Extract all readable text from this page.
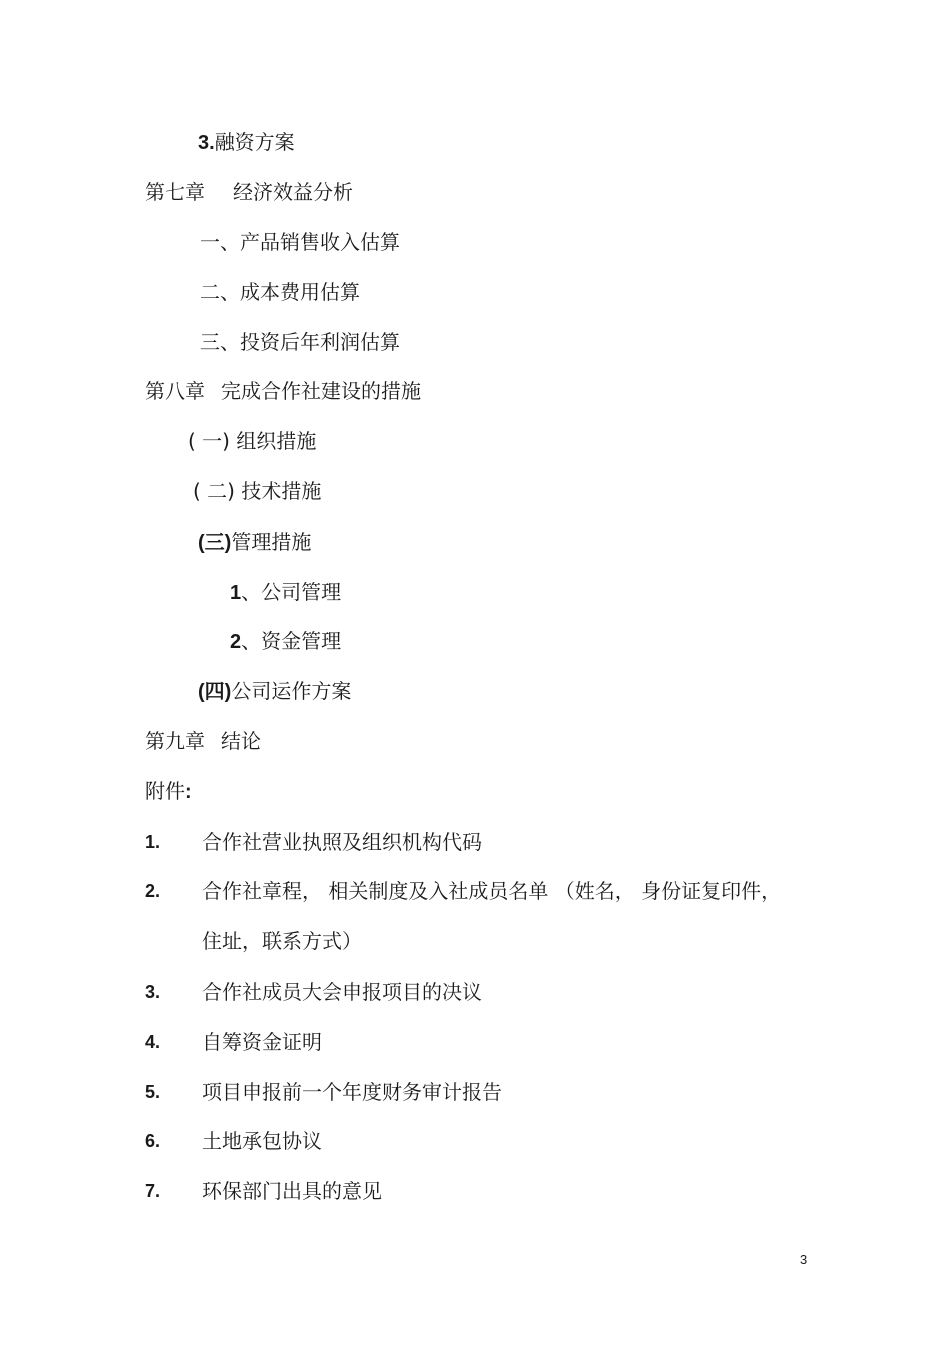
3.融资方案
第七章 经济效益分析
一、产品销售收入估算
二、成本费用估算
三、投资后年利润估算
第八章 完成合作社建设的措施
( 一) 组织措施
( 二) 技术措施
(三)管理措施
1、公司管理
2、资金管理
(四)公司运作方案
第九章 结论
附件:
1. 合作社营业执照及组织机构代码
2. 合作社章程， 相关制度及入社成员名单 （姓名， 身份证复印件，
住址，联系方式）
3. 合作社成员大会申报项目的决议
4. 自筹资金证明
5. 项目申报前一个年度财务审计报告
6. 土地承包协议
7. 环保部门出具的意见
3
